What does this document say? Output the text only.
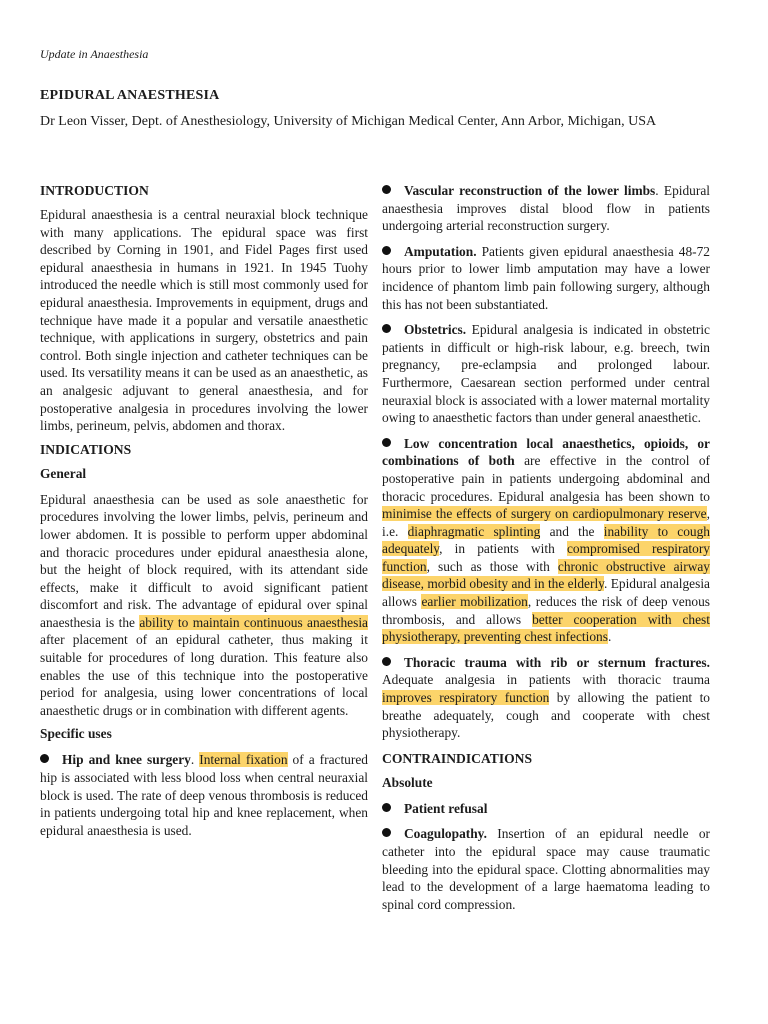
Update in Anaesthesia
EPIDURAL ANAESTHESIA
Dr Leon Visser, Dept. of Anesthesiology, University of Michigan Medical Center, Ann Arbor, Michigan, USA
INTRODUCTION

Epidural anaesthesia is a central neuraxial block technique with many applications. The epidural space was first described by Corning in 1901, and Fidel Pages first used epidural anaesthesia in humans in 1921. In 1945 Tuohy introduced the needle which is still most commonly used for epidural anaesthesia. Improvements in equipment, drugs and technique have made it a popular and versatile anaesthetic technique, with applications in surgery, obstetrics and pain control. Both single injection and catheter techniques can be used. Its versatility means it can be used as an anaesthetic, as an analgesic adjuvant to general anaesthesia, and for postoperative analgesia in procedures involving the lower limbs, perineum, pelvis, abdomen and thorax.

INDICATIONS
General

Epidural anaesthesia can be used as sole anaesthetic for procedures involving the lower limbs, pelvis, perineum and lower abdomen. It is possible to perform upper abdominal and thoracic procedures under epidural anaesthesia alone, but the height of block required, with its attendant side effects, make it difficult to avoid significant patient discomfort and risk. The advantage of epidural over spinal anaesthesia is the ability to maintain continuous anaesthesia after placement of an epidural catheter, thus making it suitable for procedures of long duration. This feature also enables the use of this technique into the postoperative period for analgesia, using lower concentrations of local anaesthetic drugs or in combination with different agents.

Specific uses

Hip and knee surgery. Internal fixation of a fractured hip is associated with less blood loss when central neuraxial block is used. The rate of deep venous thrombosis is reduced in patients undergoing total hip and knee replacement, when epidural anaesthesia is used.

Vascular reconstruction of the lower limbs. Epidural anaesthesia improves distal blood flow in patients undergoing arterial reconstruction surgery.

Amputation. Patients given epidural anaesthesia 48-72 hours prior to lower limb amputation may have a lower incidence of phantom limb pain following surgery, although this has not been substantiated.

Obstetrics. Epidural analgesia is indicated in obstetric patients in difficult or high-risk labour, e.g. breech, twin pregnancy, pre-eclampsia and prolonged labour. Furthermore, Caesarean section performed under central neuraxial block is associated with a lower maternal mortality owing to anaesthetic factors than under general anaesthetic.

Low concentration local anaesthetics, opioids, or combinations of both are effective in the control of postoperative pain in patients undergoing abdominal and thoracic procedures. Epidural analgesia has been shown to minimise the effects of surgery on cardiopulmonary reserve, i.e. diaphragmatic splinting and the inability to cough adequately, in patients with compromised respiratory function, such as those with chronic obstructive airway disease, morbid obesity and in the elderly. Epidural analgesia allows earlier mobilization, reduces the risk of deep venous thrombosis, and allows better cooperation with chest physiotherapy, preventing chest infections.

Thoracic trauma with rib or sternum fractures. Adequate analgesia in patients with thoracic trauma improves respiratory function by allowing the patient to breathe adequately, cough and cooperate with chest physiotherapy.

CONTRAINDICATIONS
Absolute

Patient refusal

Coagulopathy. Insertion of an epidural needle or catheter into the epidural space may cause traumatic bleeding into the epidural space. Clotting abnormalities may lead to the development of a large haematoma leading to spinal cord compression.
